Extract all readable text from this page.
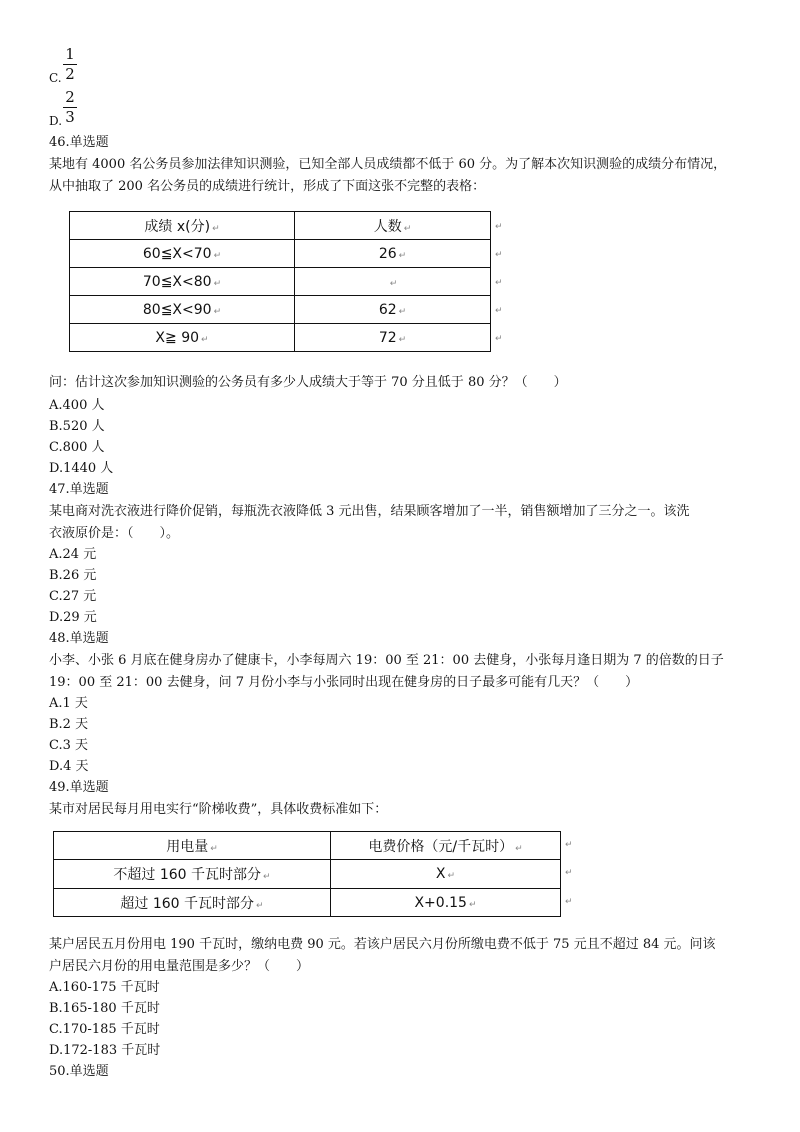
C.
1
2
D.
2
3
46.单选题
某地有 4000 名公务员参加法律知识测验，已知全部人员成绩都不低于 60 分。为了解本次知识测验的成绩分布情况，
从中抽取了 200 名公务员的成绩进行统计，形成了下面这张不完整的表格：
成绩 x(分) ↵	人数 ↵
60≦X<70 ↵	26 ↵
70≦X<80 ↵	↵
80≦X<90 ↵	62 ↵
X≧ 90 ↵	72 ↵
↵
↵
↵
↵
↵
问：估计这次参加知识测验的公务员有多少人成绩大于等于 70 分且低于 80 分？（　　）
A.400 人
B.520 人
C.800 人
D.1440 人
47.单选题
某电商对洗衣液进行降价促销，每瓶洗衣液降低 3 元出售，结果顾客增加了一半，销售额增加了三分之一。该洗
衣液原价是：（　　）。
A.24 元
B.26 元
C.27 元
D.29 元
48.单选题
小李、小张 6 月底在健身房办了健康卡，小李每周六 19：00 至 21：00 去健身，小张每月逢日期为 7 的倍数的日子
19：00 至 21：00 去健身，问 7 月份小李与小张同时出现在健身房的日子最多可能有几天？（　　）
A.1 天
B.2 天
C.3 天
D.4 天
49.单选题
某市对居民每月用电实行“阶梯收费”，具体收费标准如下：
用电量 ↵	电费价格（元/千瓦时） ↵
不超过 160 千瓦时部分 ↵	X ↵
超过 160 千瓦时部分 ↵	X+0.15 ↵
↵
↵
↵
某户居民五月份用电 190 千瓦时，缴纳电费 90 元。若该户居民六月份所缴电费不低于 75 元且不超过 84 元。问该
户居民六月份的用电量范围是多少？（　　）
A.160-175 千瓦时
B.165-180 千瓦时
C.170-185 千瓦时
D.172-183 千瓦时
50.单选题
